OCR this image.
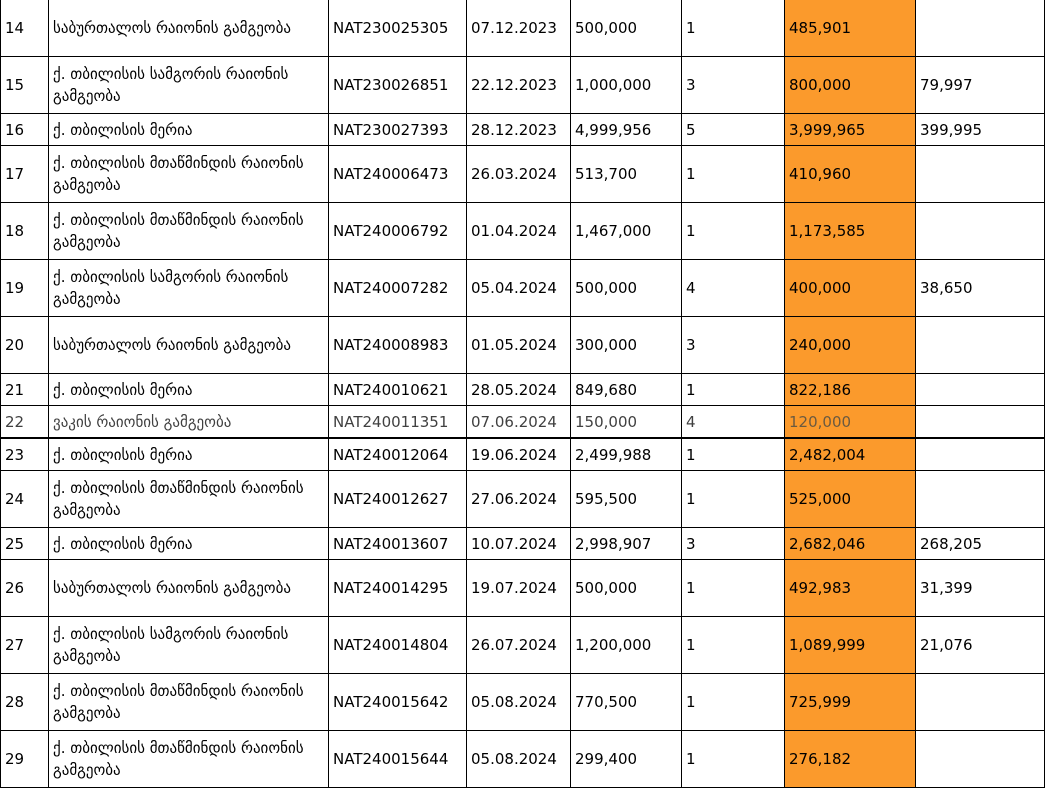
14	საბურთალოს რაიონის გამგეობა	NAT230025305	07.12.2023	500,000	1	485,901	
15	ქ. თბილისის სამგორის რაიონის გამგეობა	NAT230026851	22.12.2023	1,000,000	3	800,000	79,997
16	ქ. თბილისის მერია	NAT230027393	28.12.2023	4,999,956	5	3,999,965	399,995
17	ქ. თბილისის მთაწმინდის რაიონის გამგეობა	NAT240006473	26.03.2024	513,700	1	410,960	
18	ქ. თბილისის მთაწმინდის რაიონის გამგეობა	NAT240006792	01.04.2024	1,467,000	1	1,173,585	
19	ქ. თბილისის სამგორის რაიონის გამგეობა	NAT240007282	05.04.2024	500,000	4	400,000	38,650
20	საბურთალოს რაიონის გამგეობა	NAT240008983	01.05.2024	300,000	3	240,000	
21	ქ. თბილისის მერია	NAT240010621	28.05.2024	849,680	1	822,186	
22	ვაკის რაიონის გამგეობა	NAT240011351	07.06.2024	150,000	4	120,000	
23	ქ. თბილისის მერია	NAT240012064	19.06.2024	2,499,988	1	2,482,004	
24	ქ. თბილისის მთაწმინდის რაიონის გამგეობა	NAT240012627	27.06.2024	595,500	1	525,000	
25	ქ. თბილისის მერია	NAT240013607	10.07.2024	2,998,907	3	2,682,046	268,205
26	საბურთალოს რაიონის გამგეობა	NAT240014295	19.07.2024	500,000	1	492,983	31,399
27	ქ. თბილისის სამგორის რაიონის გამგეობა	NAT240014804	26.07.2024	1,200,000	1	1,089,999	21,076
28	ქ. თბილისის მთაწმინდის რაიონის გამგეობა	NAT240015642	05.08.2024	770,500	1	725,999	
29	ქ. თბილისის მთაწმინდის რაიონის გამგეობა	NAT240015644	05.08.2024	299,400	1	276,182	
